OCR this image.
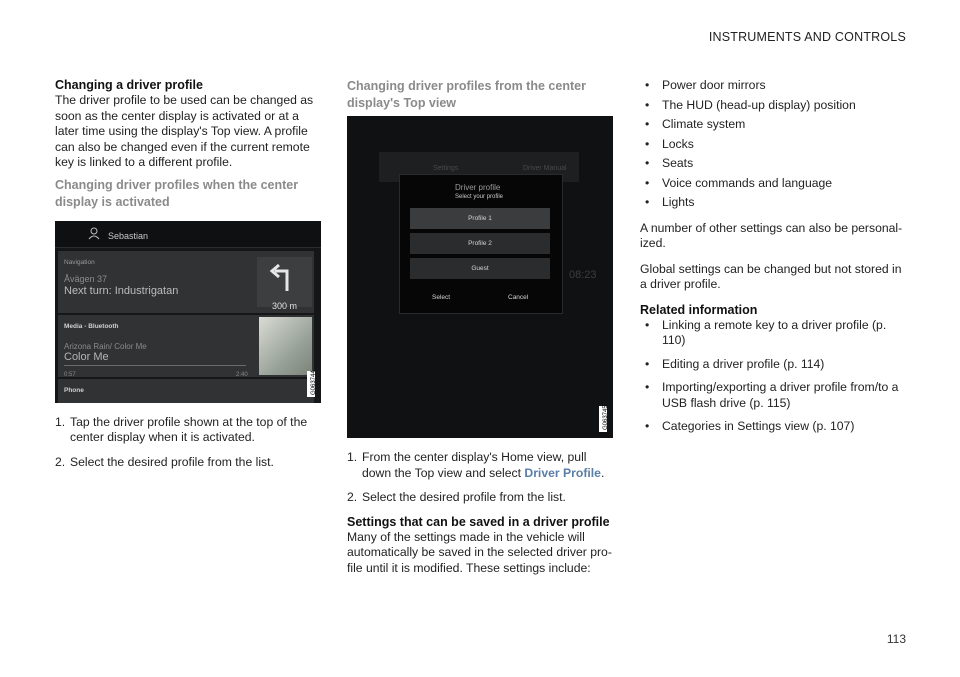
INSTRUMENTS AND CONTROLS
Changing a driver profile

The driver profile to be used can be changed as soon as the center display is activated or at a later time using the display's Top view. A profile can also be changed even if the current remote key is linked to a different profile.

Changing driver profiles when the center display is activated
Sebastian
Navigation
Åvägen 37
Next turn: Industrigatan
300 m
Media - Bluetooth
Arizona Rain/ Color Me
Color Me
0:57	2:40
Phone	G063744
1. Tap the driver profile shown at the top of the center display when it is activated.
2. Select the desired profile from the list.
Changing driver profiles from the center display's Top view
Settings	Driver Manual
08:23
Driver profile
Select your profile
Profile 1
Profile 2
Guest
Select	Cancel
G063745
1. From the center display's Home view, pull down the Top view and select Driver Profile.
2. Select the desired profile from the list.
Settings that can be saved in a driver profile

Many of the settings made in the vehicle will automatically be saved in the selected driver profile until it is modified. These settings include:

• Power door mirrors
• The HUD (head-up display) position
• Climate system
• Locks
• Seats
• Voice commands and language
• Lights

A number of other settings can also be personalized.

Global settings can be changed but not stored in a driver profile.

Related information
• Linking a remote key to a driver profile (p. 110)
• Editing a driver profile (p. 114)
• Importing/exporting a driver profile from/to a USB flash drive (p. 115)
• Categories in Settings view (p. 107)
113
